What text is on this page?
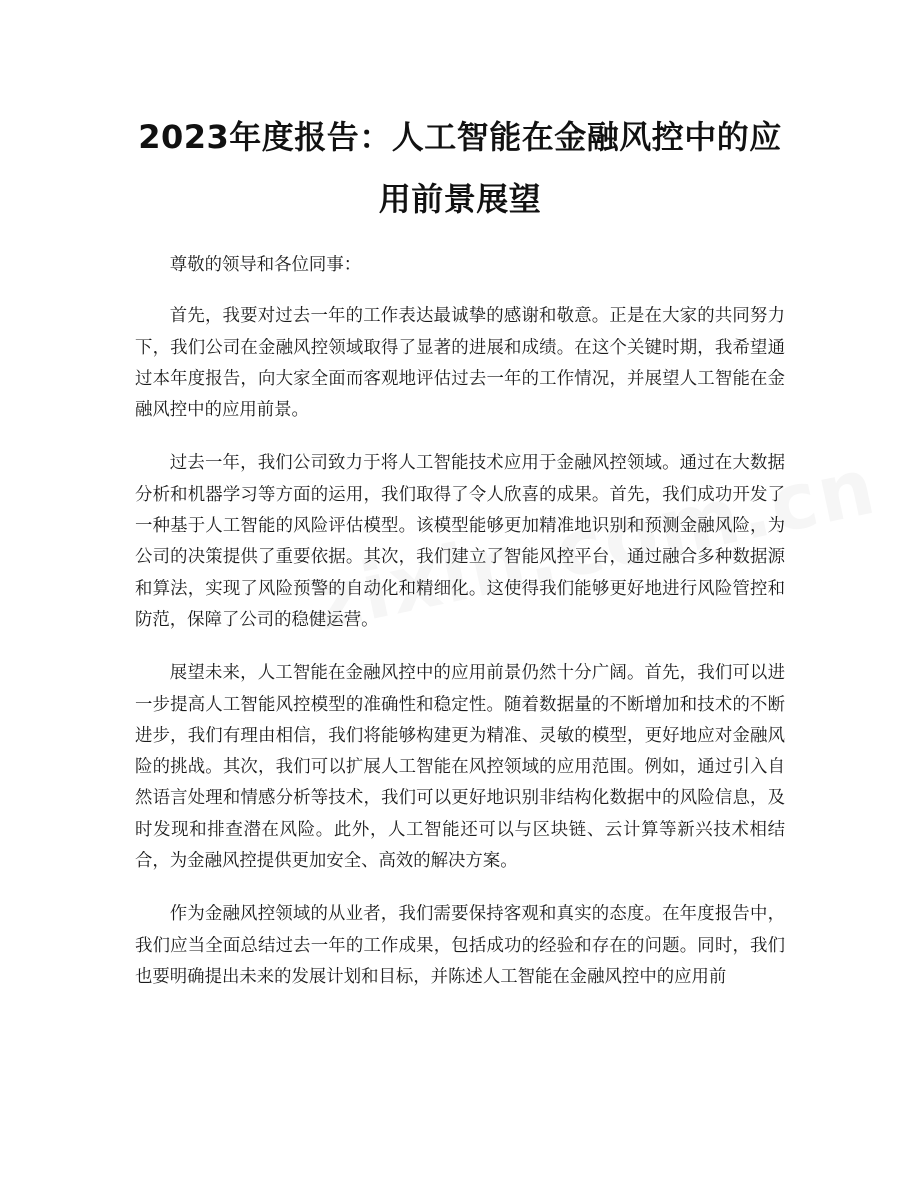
2023年度报告：人工智能在金融风控中的应用前景展望

尊敬的领导和各位同事：

首先，我要对过去一年的工作表达最诚挚的感谢和敬意。正是在大家的共同努力下，我们公司在金融风控领域取得了显著的进展和成绩。在这个关键时期，我希望通过本年度报告，向大家全面而客观地评估过去一年的工作情况，并展望人工智能在金融风控中的应用前景。

过去一年，我们公司致力于将人工智能技术应用于金融风控领域。通过在大数据分析和机器学习等方面的运用，我们取得了令人欣喜的成果。首先，我们成功开发了一种基于人工智能的风险评估模型。该模型能够更加精准地识别和预测金融风险，为公司的决策提供了重要依据。其次，我们建立了智能风控平台，通过融合多种数据源和算法，实现了风险预警的自动化和精细化。这使得我们能够更好地进行风险管控和防范，保障了公司的稳健运营。

展望未来，人工智能在金融风控中的应用前景仍然十分广阔。首先，我们可以进一步提高人工智能风控模型的准确性和稳定性。随着数据量的不断增加和技术的不断进步，我们有理由相信，我们将能够构建更为精准、灵敏的模型，更好地应对金融风险的挑战。其次，我们可以扩展人工智能在风控领域的应用范围。例如，通过引入自然语言处理和情感分析等技术，我们可以更好地识别非结构化数据中的风险信息，及时发现和排查潜在风险。此外，人工智能还可以与区块链、云计算等新兴技术相结合，为金融风控提供更加安全、高效的解决方案。

作为金融风控领域的从业者，我们需要保持客观和真实的态度。在年度报告中，我们应当全面总结过去一年的工作成果，包括成功的经验和存在的问题。同时，我们也要明确提出未来的发展计划和目标，并陈述人工智能在金融风控中的应用前
